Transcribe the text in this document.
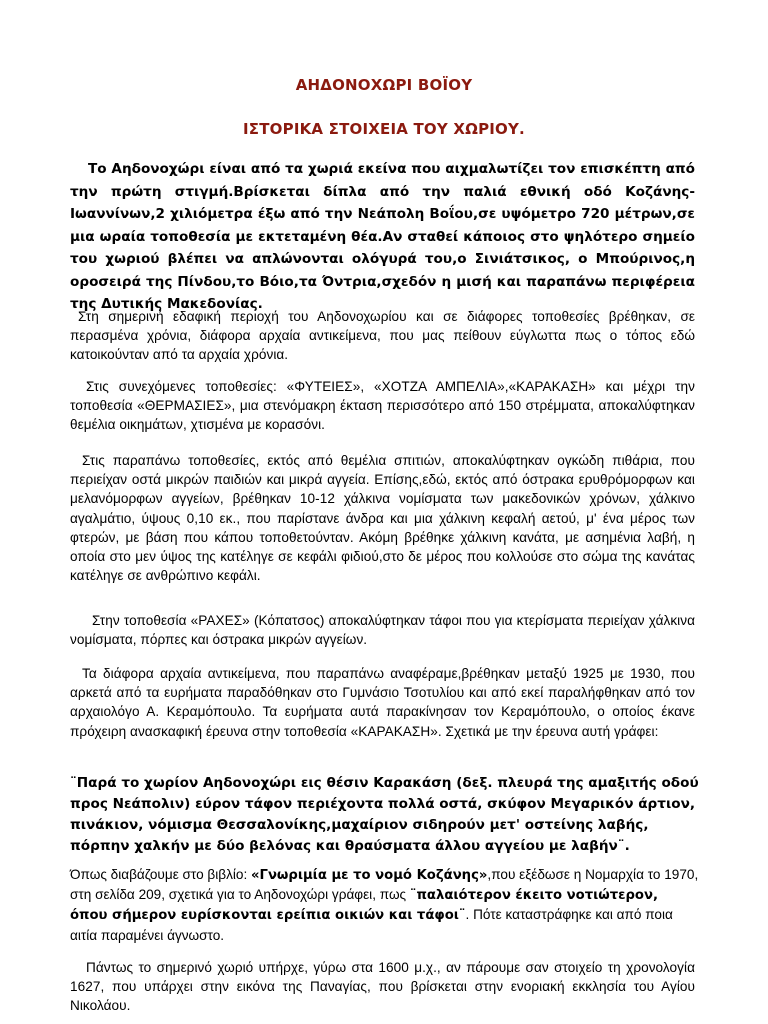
ΑΗΔΟΝΟΧΩΡΙ ΒΟΪΟΥ
ΙΣΤΟΡΙΚΑ ΣΤΟΙΧΕΙΑ ΤΟΥ ΧΩΡΙΟΥ.

Το Αηδονοχώρι είναι από τα χωριά εκείνα που αιχμαλωτίζει τον επισκέπτη από την πρώτη στιγμή.Βρίσκεται δίπλα από την παλιά εθνική οδό Κοζάνης-Ιωαννίνων,2 χιλιόμετρα έξω από την Νεάπολη Βοΐου,σε υψόμετρο 720 μέτρων,σε μια ωραία τοποθεσία με εκτεταμένη θέα.Αν σταθεί κάποιος στο ψηλότερο σημείο του χωριού βλέπει να απλώνονται ολόγυρά του,ο Σινιάτσικος, ο Μπούρινος,η οροσειρά της Πίνδου,το Βόιο,τα Όντρια,σχεδόν η μισή και παραπάνω περιφέρεια της Δυτικής Μακεδονίας.

Στη σημερινή εδαφική περιοχή του Αηδονοχωρίου και σε διάφορες τοποθεσίες βρέθηκαν, σε περασμένα χρόνια, διάφορα αρχαία αντικείμενα, που μας πείθουν εύγλωττα πως ο τόπος εδώ κατοικούνταν από τα αρχαία χρόνια.

Στις συνεχόμενες τοποθεσίες: «ΦΥΤΕΙΕΣ», «ΧΟΤΖΑ ΑΜΠΕΛΙΑ»,«ΚΑΡΑΚΑΣΗ» και μέχρι την τοποθεσία «ΘΕΡΜΑΣΙΕΣ», μια στενόμακρη έκταση περισσότερο από 150 στρέμματα, αποκαλύφτηκαν θεμέλια οικημάτων, χτισμένα με κορασόνι.

Στις παραπάνω τοποθεσίες, εκτός από θεμέλια σπιτιών, αποκαλύφτηκαν ογκώδη πιθάρια, που περιείχαν οστά μικρών παιδιών και μικρά αγγεία. Επίσης,εδώ, εκτός από όστρακα ερυθρόμορφων και μελανόμορφων αγγείων, βρέθηκαν 10-12 χάλκινα νομίσματα των μακεδονικών χρόνων, χάλκινο αγαλμάτιο, ύψους 0,10 εκ., που παρίστανε άνδρα και μια χάλκινη κεφαλή αετού, μ' ένα μέρος των φτερών, με βάση που κάπου τοποθετούνταν. Ακόμη βρέθηκε χάλκινη κανάτα, με ασημένια λαβή, η οποία στο μεν ύψος της κατέληγε σε κεφάλι φιδιού,στο δε μέρος που κολλούσε στο σώμα της κανάτας κατέληγε σε ανθρώπινο κεφάλι.

Στην τοποθεσία «ΡΑΧΕΣ» (Κόπατσος) αποκαλύφτηκαν τάφοι που για κτερίσματα περιείχαν χάλκινα νομίσματα, πόρπες και όστρακα μικρών αγγείων.

Τα διάφορα αρχαία αντικείμενα, που παραπάνω αναφέραμε,βρέθηκαν μεταξύ 1925 με 1930, που αρκετά από τα ευρήματα παραδόθηκαν στο Γυμνάσιο Τσοτυλίου και από εκεί παραλήφθηκαν από τον αρχαιολόγο Α. Κεραμόπουλο. Τα ευρήματα αυτά παρακίνησαν τον Κεραμόπουλο, ο οποίος έκανε πρόχειρη ανασκαφική έρευνα στην τοποθεσία «ΚΑΡΑΚΑΣΗ». Σχετικά με την έρευνα αυτή γράφει:

¨Παρά το χωρίον Αηδονοχώρι εις θέσιν Καρακάση (δεξ. πλευρά της αμαξιτής οδού προς Νεάπολιν) εύρον τάφον περιέχοντα πολλά οστά, σκύφον Μεγαρικόν άρτιον, πινάκιον, νόμισμα Θεσσαλονίκης,μαχαίριον σιδηρούν μετ' οστείνης λαβής, πόρπην χαλκήν με δύο βελόνας και θραύσματα άλλου αγγείου με λαβήν¨.

Όπως διαβάζουμε στο βιβλίο: «Γνωριμία με το νομό Κοζάνης»,που εξέδωσε η Νομαρχία το 1970, στη σελίδα 209, σχετικά για το Αηδονοχώρι γράφει, πως ¨παλαιότερον έκειτο νοτιώτερον, όπου σήμερον ευρίσκονται ερείπια οικιών και τάφοι¨. Πότε καταστράφηκε και από ποια αιτία παραμένει άγνωστο.

Πάντως το σημερινό χωριό υπήρχε, γύρω στα 1600 μ.χ., αν πάρουμε σαν στοιχείο τη χρονολογία 1627, που υπάρχει στην εικόνα της Παναγίας, που βρίσκεται στην ενοριακή εκκλησία του Αγίου Νικολάου.
